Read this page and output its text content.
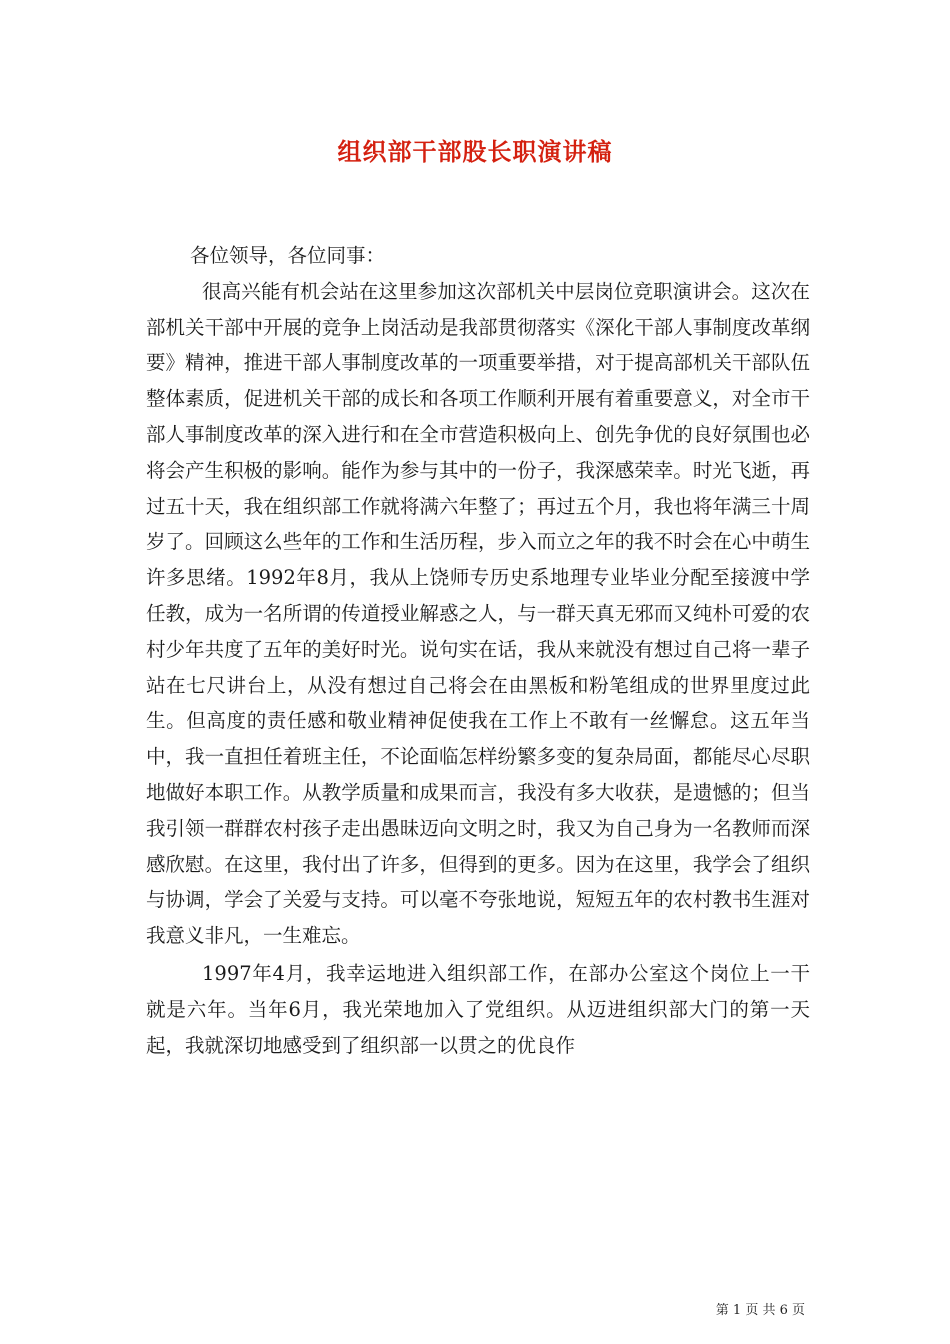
组织部干部股长职演讲稿

各位领导，各位同事：

很高兴能有机会站在这里参加这次部机关中层岗位竞职演讲会。这次在部机关干部中开展的竞争上岗活动是我部贯彻落实《深化干部人事制度改革纲要》精神，推进干部人事制度改革的一项重要举措，对于提高部机关干部队伍整体素质，促进机关干部的成长和各项工作顺利开展有着重要意义，对全市干部人事制度改革的深入进行和在全市营造积极向上、创先争优的良好氛围也必将会产生积极的影响。能作为参与其中的一份子，我深感荣幸。时光飞逝，再过五十天，我在组织部工作就将满六年整了；再过五个月，我也将年满三十周岁了。回顾这么些年的工作和生活历程，步入而立之年的我不时会在心中萌生许多思绪。1992年8月，我从上饶师专历史系地理专业毕业分配至接渡中学任教，成为一名所谓的传道授业解惑之人，与一群天真无邪而又纯朴可爱的农村少年共度了五年的美好时光。说句实在话，我从来就没有想过自己将一辈子站在七尺讲台上，从没有想过自己将会在由黑板和粉笔组成的世界里度过此生。但高度的责任感和敬业精神促使我在工作上不敢有一丝懈怠。这五年当中，我一直担任着班主任，不论面临怎样纷繁多变的复杂局面，都能尽心尽职地做好本职工作。从教学质量和成果而言，我没有多大收获，是遗憾的；但当我引领一群群农村孩子走出愚昧迈向文明之时，我又为自己身为一名教师而深感欣慰。在这里，我付出了许多，但得到的更多。因为在这里，我学会了组织与协调，学会了关爱与支持。可以毫不夸张地说，短短五年的农村教书生涯对我意义非凡，一生难忘。

1997年4月，我幸运地进入组织部工作，在部办公室这个岗位上一干就是六年。当年6月，我光荣地加入了党组织。从迈进组织部大门的第一天起，我就深切地感受到了组织部一以贯之的优良作

第 1 页 共 6 页
